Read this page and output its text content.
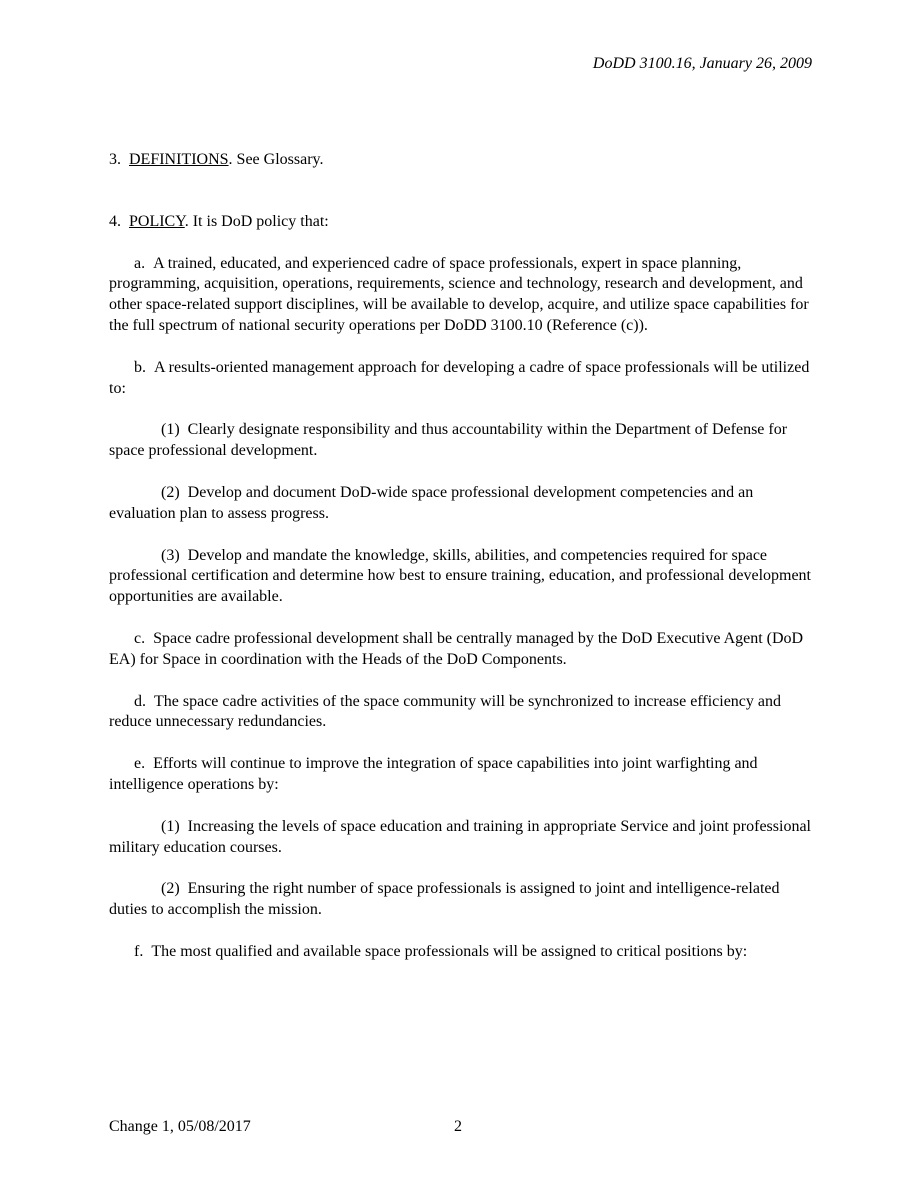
DoDD 3100.16, January 26, 2009

3. DEFINITIONS. See Glossary.

4. POLICY. It is DoD policy that:

a. A trained, educated, and experienced cadre of space professionals, expert in space planning, programming, acquisition, operations, requirements, science and technology, research and development, and other space-related support disciplines, will be available to develop, acquire, and utilize space capabilities for the full spectrum of national security operations per DoDD 3100.10 (Reference (c)).

b. A results-oriented management approach for developing a cadre of space professionals will be utilized to:

(1) Clearly designate responsibility and thus accountability within the Department of Defense for space professional development.

(2) Develop and document DoD-wide space professional development competencies and an evaluation plan to assess progress.

(3) Develop and mandate the knowledge, skills, abilities, and competencies required for space professional certification and determine how best to ensure training, education, and professional development opportunities are available.

c. Space cadre professional development shall be centrally managed by the DoD Executive Agent (DoD EA) for Space in coordination with the Heads of the DoD Components.

d. The space cadre activities of the space community will be synchronized to increase efficiency and reduce unnecessary redundancies.

e. Efforts will continue to improve the integration of space capabilities into joint warfighting and intelligence operations by:

(1) Increasing the levels of space education and training in appropriate Service and joint professional military education courses.

(2) Ensuring the right number of space professionals is assigned to joint and intelligence-related duties to accomplish the mission.

f. The most qualified and available space professionals will be assigned to critical positions by:

Change 1, 05/08/2017	2
